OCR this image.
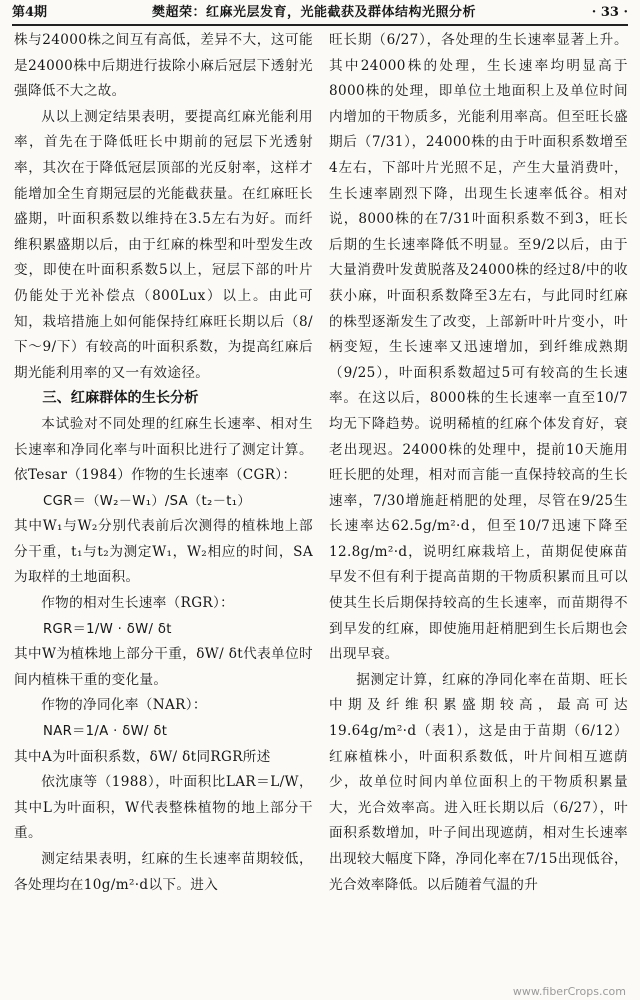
第4期	樊超荣：红麻光层发育，光能截获及群体结构光照分析	· 33 ·

株与24000株之间互有高低，差异不大，这可能是24000株中后期进行拔除小麻后冠层下透射光强降低不大之故。

从以上测定结果表明，要提高红麻光能利用率，首先在于降低旺长中期前的冠层下光透射率，其次在于降低冠层顶部的光反射率，这样才能增加全生育期冠层的光能截获量。在红麻旺长盛期，叶面积系数以维持在3.5左右为好。而纤维积累盛期以后，由于红麻的株型和叶型发生改变，即使在叶面积系数5以上，冠层下部的叶片仍能处于光补偿点（800Lux）以上。由此可知，栽培措施上如何能保持红麻旺长期以后（8/下～9/下）有较高的叶面积系数，为提高红麻后期光能利用率的又一有效途径。

三、红麻群体的生长分析

本试验对不同处理的红麻生长速率、相对生长速率和净同化率与叶面积比进行了测定计算。依Tesar（1984）作物的生长速率（CGR）：

CGR＝（W₂－W₁）/SA（t₂－t₁）

其中W₁与W₂分别代表前后次测得的植株地上部分干重，t₁与t₂为测定W₁，W₂相应的时间，SA为取样的土地面积。

作物的相对生长速率（RGR）：

RGR＝1/W · δW/ δt

其中W为植株地上部分干重，δW/ δt代表单位时间内植株干重的变化量。

作物的净同化率（NAR）：

NAR＝1/A · δW/ δt

其中A为叶面积系数，δW/ δt同RGR所述

依沈康等（1988），叶面积比LAR＝L/W，其中L为叶面积，W代表整株植物的地上部分干重。

测定结果表明，红麻的生长速率苗期较低，各处理均在10g/m²·d以下。进入

旺长期（6/27），各处理的生长速率显著上升。其中24000株的处理，生长速率均明显高于8000株的处理，即单位土地面积上及单位时间内增加的干物质多，光能利用率高。但至旺长盛期后（7/31），24000株的由于叶面积系数增至4左右，下部叶片光照不足，产生大量消费叶，生长速率剧烈下降，出现生长速率低谷。相对说，8000株的在7/31叶面积系数不到3，旺长后期的生长速率降低不明显。至9/2以后，由于大量消费叶发黄脱落及24000株的经过8/中的收获小麻，叶面积系数降至3左右，与此同时红麻的株型逐渐发生了改变，上部新叶叶片变小，叶柄变短，生长速率又迅速增加，到纤维成熟期（9/25），叶面积系数超过5可有较高的生长速率。在这以后，8000株的生长速率一直至10/7均无下降趋势。说明稀植的红麻个体发育好，衰老出现迟。24000株的处理中，提前10天施用旺长肥的处理，相对而言能一直保持较高的生长速率，7/30增施赶梢肥的处理，尽管在9/25生长速率达62.5g/m²·d，但至10/7迅速下降至12.8g/m²·d，说明红麻栽培上，苗期促使麻苗早发不但有利于提高苗期的干物质积累而且可以使其生长后期保持较高的生长速率，而苗期得不到早发的红麻，即使施用赶梢肥到生长后期也会出现早衰。

据测定计算，红麻的净同化率在苗期、旺长中期及纤维积累盛期较高，最高可达19.64g/m²·d（表1），这是由于苗期（6/12）红麻植株小，叶面积系数低，叶片间相互遮荫少，故单位时间内单位面积上的干物质积累量大，光合效率高。进入旺长期以后（6/27），叶面积系数增加，叶子间出现遮荫，相对生长速率出现较大幅度下降，净同化率在7/15出现低谷，光合效率降低。以后随着气温的升

www.fiberCrops.com
